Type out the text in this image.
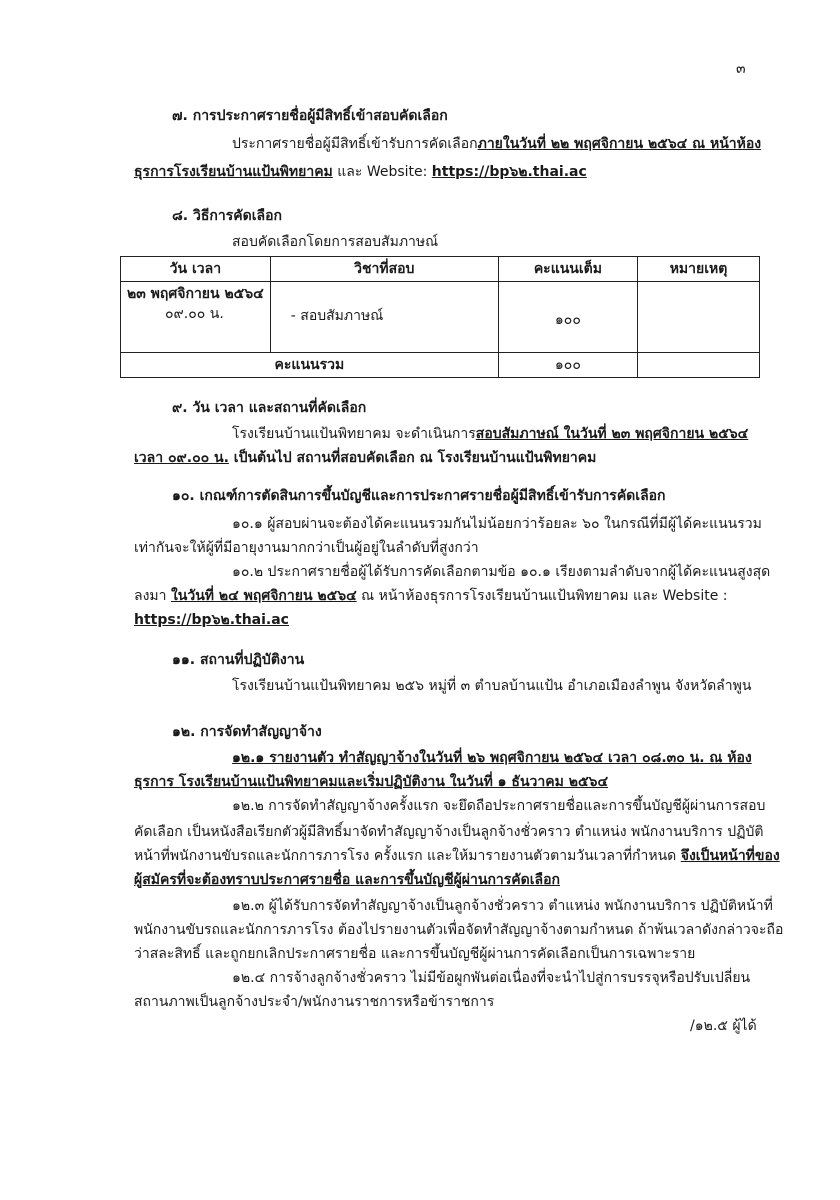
๓
๗. การประกาศรายชื่อผู้มีสิทธิ์เข้าสอบคัดเลือก
ประกาศรายชื่อผู้มีสิทธิ์เข้ารับการคัดเลือกภายในวันที่ ๒๒ พฤศจิกายน ๒๕๖๔ ณ หน้าห้อง
ธุรการโรงเรียนบ้านแป้นพิทยาคม และ Website: https://bp๖๒.thai.ac
๘. วิธีการคัดเลือก
สอบคัดเลือกโดยการสอบสัมภาษณ์
วัน เวลา	วิชาที่สอบ	คะแนนเต็ม	หมายเหตุ

๒๓ พฤศจิกายน ๒๕๖๔
๐๙.๐๐ น.	- สอบสัมภาษณ์	๑๐๐	

คะแนนรวม		๑๐๐	
๙. วัน เวลา และสถานที่คัดเลือก
โรงเรียนบ้านแป้นพิทยาคม จะดำเนินการสอบสัมภาษณ์ ในวันที่ ๒๓ พฤศจิกายน ๒๕๖๔
เวลา ๐๙.๐๐ น. เป็นต้นไป สถานที่สอบคัดเลือก ณ โรงเรียนบ้านแป้นพิทยาคม
๑๐. เกณฑ์การตัดสินการขึ้นบัญชีและการประกาศรายชื่อผู้มีสิทธิ์เข้ารับการคัดเลือก
๑๐.๑ ผู้สอบผ่านจะต้องได้คะแนนรวมกันไม่น้อยกว่าร้อยละ ๖๐ ในกรณีที่มีผู้ได้คะแนนรวม
เท่ากันจะให้ผู้ที่มีอายุงานมากกว่าเป็นผู้อยู่ในลำดับที่สูงกว่า
๑๐.๒ ประกาศรายชื่อผู้ได้รับการคัดเลือกตามข้อ ๑๐.๑ เรียงตามลำดับจากผู้ได้คะแนนสูงสุด
ลงมา ในวันที่ ๒๔ พฤศจิกายน ๒๕๖๔ ณ หน้าห้องธุรการโรงเรียนบ้านแป้นพิทยาคม และ Website :
https://bp๖๒.thai.ac
๑๑. สถานที่ปฏิบัติงาน
โรงเรียนบ้านแป้นพิทยาคม ๒๕๖ หมู่ที่ ๓ ตำบลบ้านแป้น อำเภอเมืองลำพูน จังหวัดลำพูน
๑๒. การจัดทำสัญญาจ้าง
๑๒.๑ รายงานตัว ทำสัญญาจ้างในวันที่ ๒๖ พฤศจิกายน ๒๕๖๔ เวลา ๐๘.๓๐ น. ณ ห้อง
ธุรการ โรงเรียนบ้านแป้นพิทยาคมและเริ่มปฏิบัติงาน ในวันที่ ๑ ธันวาคม ๒๕๖๔
๑๒.๒ การจัดทำสัญญาจ้างครั้งแรก จะยึดถือประกาศรายชื่อและการขึ้นบัญชีผู้ผ่านการสอบ
คัดเลือก เป็นหนังสือเรียกตัวผู้มีสิทธิ์มาจัดทำสัญญาจ้างเป็นลูกจ้างชั่วคราว ตำแหน่ง พนักงานบริการ ปฏิบัติ
หน้าที่พนักงานขับรถและนักการภารโรง ครั้งแรก และให้มารายงานตัวตามวันเวลาที่กำหนด จึงเป็นหน้าที่ของ
ผู้สมัครที่จะต้องทราบประกาศรายชื่อ และการขึ้นบัญชีผู้ผ่านการคัดเลือก
๑๒.๓ ผู้ได้รับการจัดทำสัญญาจ้างเป็นลูกจ้างชั่วคราว ตำแหน่ง พนักงานบริการ ปฏิบัติหน้าที่
พนักงานขับรถและนักการภารโรง ต้องไปรายงานตัวเพื่อจัดทำสัญญาจ้างตามกำหนด ถ้าพ้นเวลาดังกล่าวจะถือ
ว่าสละสิทธิ์ และถูกยกเลิกประกาศรายชื่อ และการขึ้นบัญชีผู้ผ่านการคัดเลือกเป็นการเฉพาะราย
๑๒.๔ การจ้างลูกจ้างชั่วคราว ไม่มีข้อผูกพันต่อเนื่องที่จะนำไปสู่การบรรจุหรือปรับเปลี่ยน
สถานภาพเป็นลูกจ้างประจำ/พนักงานราชการหรือข้าราชการ
/๑๒.๕ ผู้ได้
